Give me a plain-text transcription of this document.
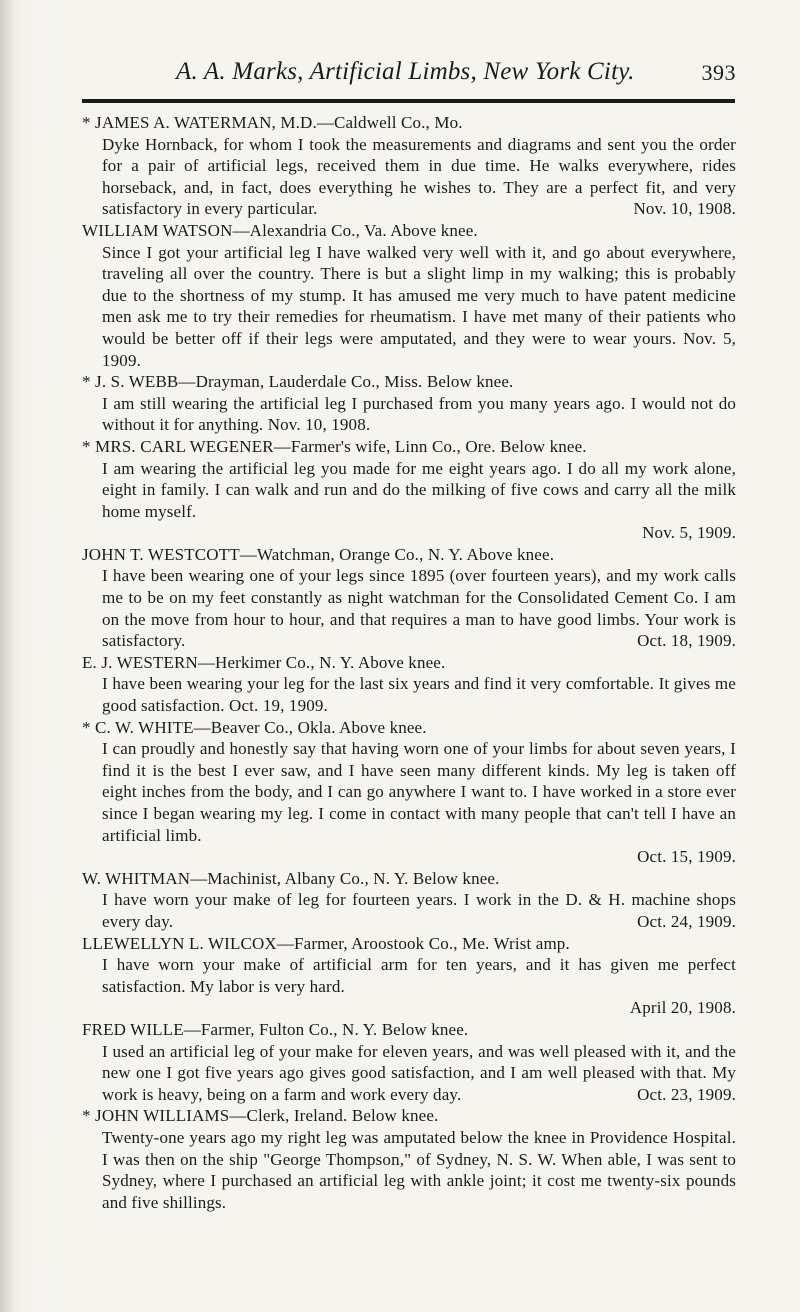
A. A. Marks, Artificial Limbs, New York City.	393
* JAMES A. WATERMAN, M.D.—Caldwell Co., Mo.
Dyke Hornback, for whom I took the measurements and diagrams and sent you the order for a pair of artificial legs, received them in due time. He walks everywhere, rides horseback, and, in fact, does everything he wishes to. They are a perfect fit, and very satisfactory in every particular.	Nov. 10, 1908.
WILLIAM WATSON—Alexandria Co., Va. Above knee.
Since I got your artificial leg I have walked very well with it, and go about everywhere, traveling all over the country. There is but a slight limp in my walking; this is probably due to the shortness of my stump. It has amused me very much to have patent medicine men ask me to try their remedies for rheumatism. I have met many of their patients who would be better off if their legs were amputated, and they were to wear yours. Nov. 5, 1909.
* J. S. WEBB—Drayman, Lauderdale Co., Miss. Below knee.
I am still wearing the artificial leg I purchased from you many years ago. I would not do without it for anything. Nov. 10, 1908.
* MRS. CARL WEGENER—Farmer's wife, Linn Co., Ore. Below knee.
I am wearing the artificial leg you made for me eight years ago. I do all my work alone, eight in family. I can walk and run and do the milking of five cows and carry all the milk home myself.
Nov. 5, 1909.
JOHN T. WESTCOTT—Watchman, Orange Co., N. Y. Above knee.
I have been wearing one of your legs since 1895 (over fourteen years), and my work calls me to be on my feet constantly as night watchman for the Consolidated Cement Co. I am on the move from hour to hour, and that requires a man to have good limbs. Your work is satisfactory.	Oct. 18, 1909.
E. J. WESTERN—Herkimer Co., N. Y. Above knee.
I have been wearing your leg for the last six years and find it very comfortable. It gives me good satisfaction. Oct. 19, 1909.
* C. W. WHITE—Beaver Co., Okla. Above knee.
I can proudly and honestly say that having worn one of your limbs for about seven years, I find it is the best I ever saw, and I have seen many different kinds. My leg is taken off eight inches from the body, and I can go anywhere I want to. I have worked in a store ever since I began wearing my leg. I come in contact with many people that can't tell I have an artificial limb.
Oct. 15, 1909.
W. WHITMAN—Machinist, Albany Co., N. Y. Below knee.
I have worn your make of leg for fourteen years. I work in the D. & H. machine shops every day.	Oct. 24, 1909.
LLEWELLYN L. WILCOX—Farmer, Aroostook Co., Me. Wrist amp.
I have worn your make of artificial arm for ten years, and it has given me perfect satisfaction. My labor is very hard.
April 20, 1908.
FRED WILLE—Farmer, Fulton Co., N. Y. Below knee.
I used an artificial leg of your make for eleven years, and was well pleased with it, and the new one I got five years ago gives good satisfaction, and I am well pleased with that. My work is heavy, being on a farm and work every day.	Oct. 23, 1909.
* JOHN WILLIAMS—Clerk, Ireland. Below knee.
Twenty-one years ago my right leg was amputated below the knee in Providence Hospital. I was then on the ship "George Thompson," of Sydney, N. S. W. When able, I was sent to Sydney, where I purchased an artificial leg with ankle joint; it cost me twenty-six pounds and five shillings.
